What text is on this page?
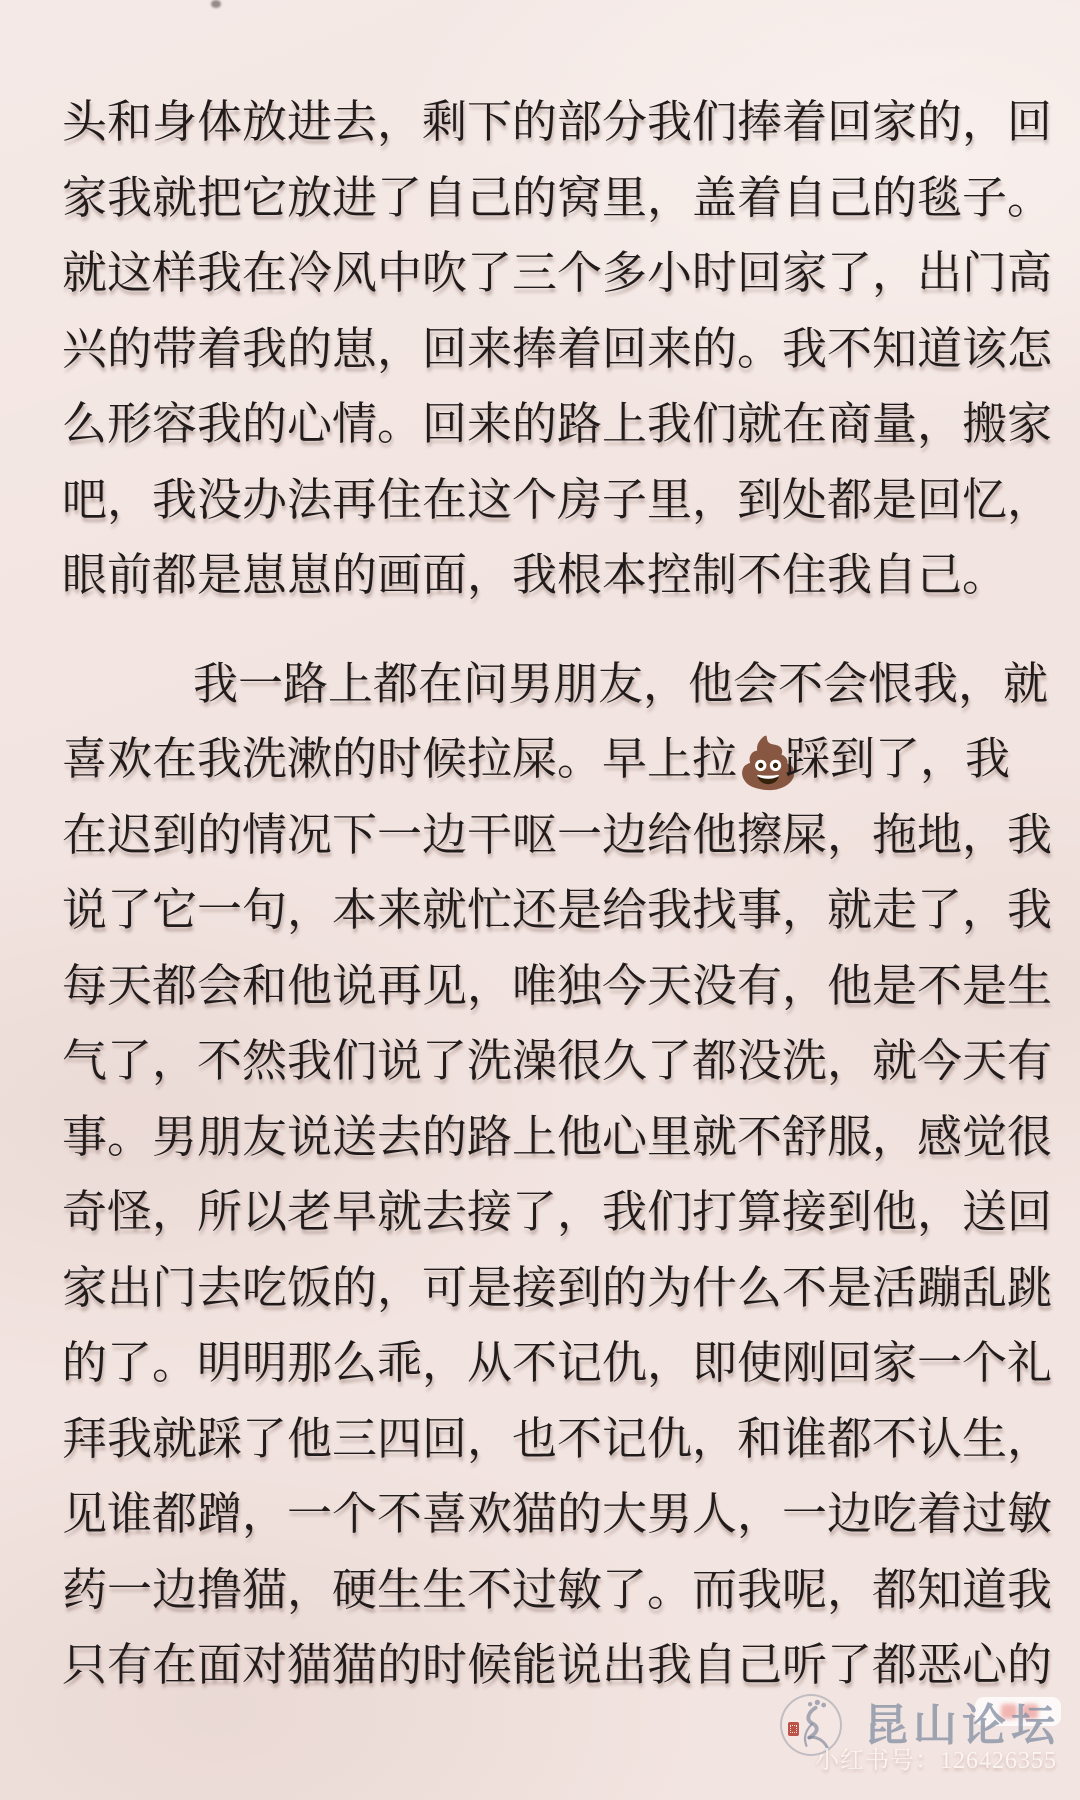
头和身体放进去，剩下的部分我们捧着回家的，回
家我就把它放进了自己的窝里，盖着自己的毯子。
就这样我在冷风中吹了三个多小时回家了，出门高
兴的带着我的崽，回来捧着回来的。我不知道该怎
么形容我的心情。回来的路上我们就在商量，搬家
吧，我没办法再住在这个房子里，到处都是回忆，
眼前都是崽崽的画面，我根本控制不住我自己。
我一路上都在问男朋友，他会不会恨我，就
喜欢在我洗漱的时候拉屎。早上拉💩踩到了，我
在迟到的情况下一边干呕一边给他擦屎，拖地，我
说了它一句，本来就忙还是给我找事，就走了，我
每天都会和他说再见，唯独今天没有，他是不是生
气了，不然我们说了洗澡很久了都没洗，就今天有
事。男朋友说送去的路上他心里就不舒服，感觉很
奇怪，所以老早就去接了，我们打算接到他，送回
家出门去吃饭的，可是接到的为什么不是活蹦乱跳
的了。明明那么乖，从不记仇，即使刚回家一个礼
拜我就踩了他三四回，也不记仇，和谁都不认生，
见谁都蹭，一个不喜欢猫的大男人，一边吃着过敏
药一边撸猫，硬生生不过敏了。而我呢，都知道我
只有在面对猫猫的时候能说出我自己听了都恶心的
昆山论坛
小红书号：126426355
